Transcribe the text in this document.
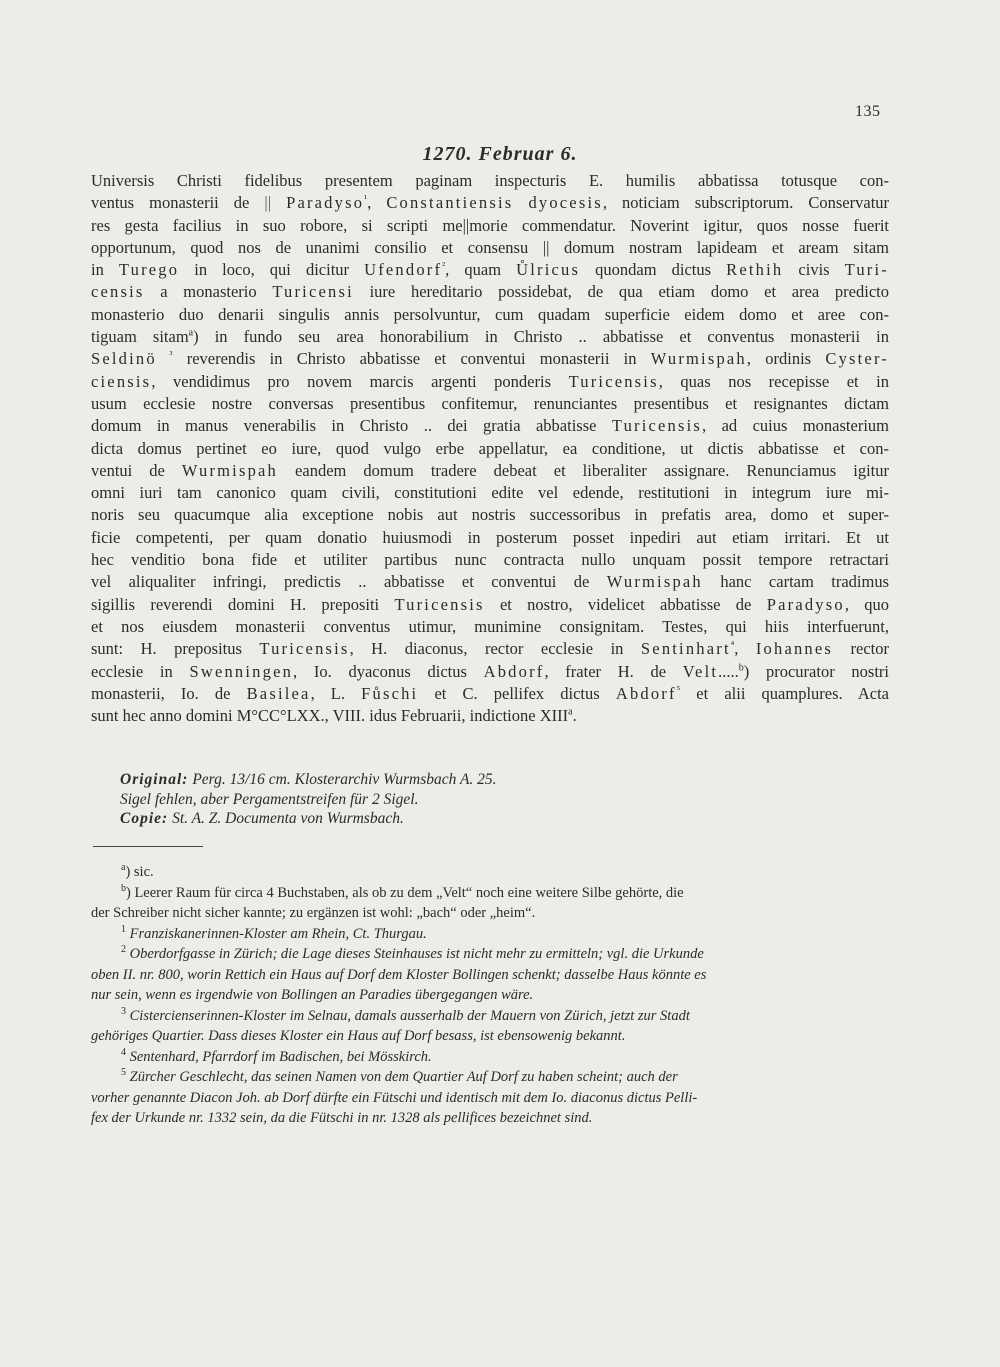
135
1270. Februar 6.
Universis Christi fidelibus presentem paginam inspecturis E. humilis abbatissa totusque con-
ventus monasterii de || Paradyso$^{^1}$, Constantiensis dyocesis, noticiam subscriptorum. Conservatur
res gesta facilius in suo robore, si scripti me||morie commendatur. Noverint igitur, quos nosse fuerit
opportunum, quod nos de unanimi consilio et consensu || domum nostram lapideam et aream sitam
in Turego in loco, qui dicitur Ufendorf$^{^2}$, quam Ůlricus quondam dictus Rethih civis Turi-
censis a monasterio Turicensi iure hereditario possidebat, de qua etiam domo et area predicto
monasterio duo denarii singulis annis persolvuntur, cum quadam superficie eidem domo et aree con-
tiguam sitam$^a$) in fundo seu area honorabilium in Christo .. abbatisse et conventus monasterii in
Seldinö $^{^3}$ reverendis in Christo abbatisse et conventui monasterii in Wurmispah, ordinis Cyster-
ciensis, vendidimus pro novem marcis argenti ponderis Turicensis, quas nos recepisse et in
usum ecclesie nostre conversas presentibus confitemur, renunciantes presentibus et resignantes dictam
domum in manus venerabilis in Christo .. dei gratia abbatisse Turicensis, ad cuius monasterium
dicta domus pertinet eo iure, quod vulgo erbe appellatur, ea conditione, ut dictis abbatisse et con-
ventui de Wurmispah eandem domum tradere debeat et liberaliter assignare. Renunciamus igitur
omni iuri tam canonico quam civili, constitutioni edite vel edende, restitutioni in integrum iure mi-
noris seu quacumque alia exceptione nobis aut nostris successoribus in prefatis area, domo et super-
ficie competenti, per quam donatio huiusmodi in posterum posset inpediri aut etiam irritari. Et ut
hec venditio bona fide et utiliter partibus nunc contracta nullo unquam possit tempore retractari
vel aliqualiter infringi, predictis .. abbatisse et conventui de Wurmispah hanc cartam tradimus
sigillis reverendi domini H. prepositi Turicensis et nostro, videlicet abbatisse de Paradyso, quo
et nos eiusdem monasterii conventus utimur, munimine consignitam. Testes, qui hiis interfuerunt,
sunt: H. prepositus Turicensis, H. diaconus, rector ecclesie in Sentinhart$^{^4}$, Iohannes rector
ecclesie in Swenningen, Io. dyaconus dictus Abdorf, frater H. de Velt.....$^b$) procurator nostri
monasterii, Io. de Basilea, L. Fůschi et C. pellifex dictus Abdorf$^{^5}$ et alii quamplures. Acta
sunt hec anno domini M°CC°LXX., VIII. idus Februarii, indictione XIII$^a$.
Original: Perg. 13/16 cm. Klosterarchiv Wurmsbach A. 25.
Sigel fehlen, aber Pergamentstreifen für 2 Sigel.
Copie: St. A. Z. Documenta von Wurmsbach.
$^a$) sic.
$^b$) Leerer Raum für circa 4 Buchstaben, als ob zu dem „Velt“ noch eine weitere Silbe gehörte, die
der Schreiber nicht sicher kannte; zu ergänzen ist wohl: „bach“ oder „heim“.
$^1$ Franziskanerinnen-Kloster am Rhein, Ct. Thurgau.
$^2$ Oberdorfgasse in Zürich; die Lage dieses Steinhauses ist nicht mehr zu ermitteln; vgl. die Urkunde
oben II. nr. 800, worin Rettich ein Haus auf Dorf dem Kloster Bollingen schenkt; dasselbe Haus könnte es
nur sein, wenn es irgendwie von Bollingen an Paradies übergegangen wäre.
$^3$ Cistercienserinnen-Kloster im Selnau, damals ausserhalb der Mauern von Zürich, jetzt zur Stadt
gehöriges Quartier. Dass dieses Kloster ein Haus auf Dorf besass, ist ebensowenig bekannt.
$^4$ Sentenhard, Pfarrdorf im Badischen, bei Mösskirch.
$^5$ Zürcher Geschlecht, das seinen Namen von dem Quartier Auf Dorf zu haben scheint; auch der
vorher genannte Diacon Joh. ab Dorf dürfte ein Fütschi und identisch mit dem Io. diaconus dictus Pelli-
fex der Urkunde nr. 1332 sein, da die Fütschi in nr. 1328 als pellifices bezeichnet sind.
